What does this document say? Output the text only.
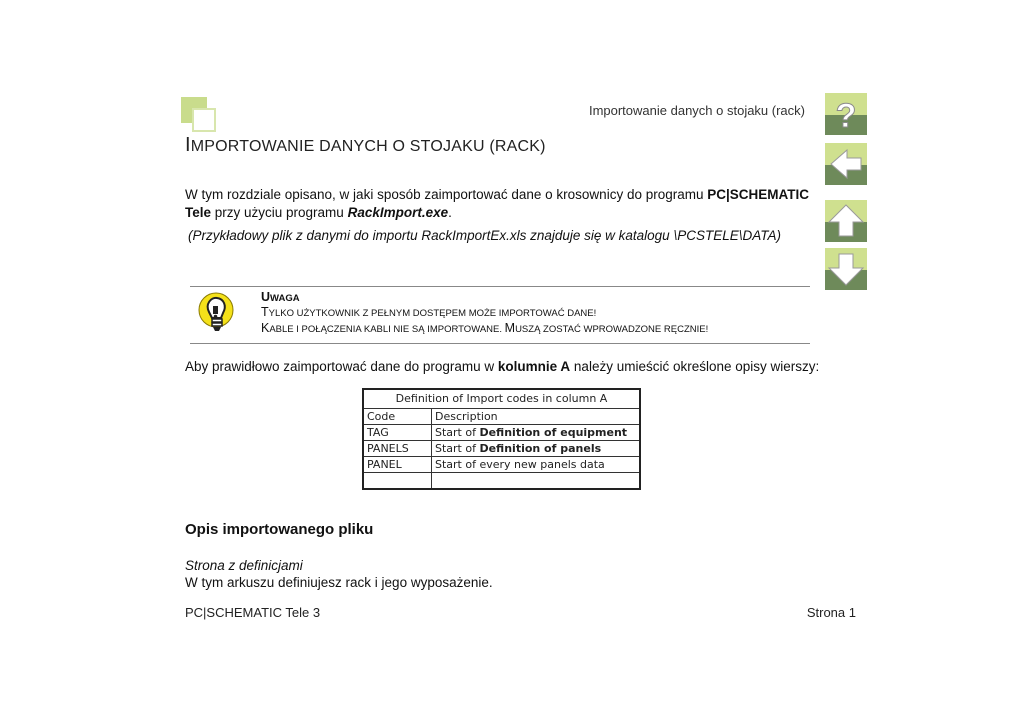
Importowanie danych o stojaku (rack)
IMPORTOWANIE DANYCH O STOJAKU (RACK)
W tym rozdziale opisano, w jaki sposób zaimportować dane o krosownicy do programu PC|SCHEMATIC Tele przy użyciu programu RackImport.exe.
(Przykładowy plik z danymi do importu RackImportEx.xls znajduje się w katalogu \PCSTELE\DATA)
UWAGA
TYLKO UŻYTKOWNIK Z PEŁNYM DOSTĘPEM MOŻE IMPORTOWAĆ DANE!
KABLE I POŁĄCZENIA KABLI NIE SĄ IMPORTOWANE. MUSZĄ ZOSTAĆ WPROWADZONE RĘCZNIE!
Aby prawidłowo zaimportować dane do programu w kolumnie A należy umieścić określone opisy wierszy:
Definition of Import codes in column A
Code	Description
TAG	Start of Definition of equipment
PANELS	Start of Definition of panels
PANEL	Start of every new panels data
Opis importowanego pliku
Strona z definicjami
W tym arkuszu definiujesz rack i jego wyposażenie.
PC|SCHEMATIC Tele 3	Strona 1
?
